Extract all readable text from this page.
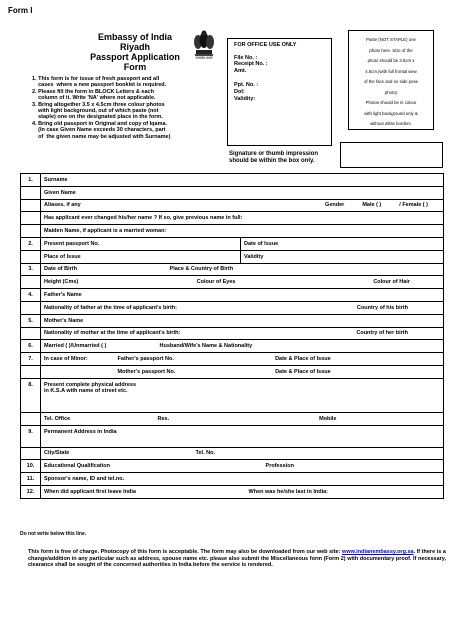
Form I
Embassy of India
Riyadh
Passport Application Form
सत्यमेव जयते
1. This form is for issue of fresh passport and all
cases  where a new passport booklet is required.
2. Please fill the form in BLOCK Letters & each
column of it. Write 'NA' where not applicable.
3. Bring altogether 3.5 x 4.5cm three colour photos
with light background, out of which paste (not
staple) one on the designated place in the form.
4. Bring old passport in Original and copy of Iqama.
(In case Given Name exceeds 30 characters, part
of  the given name may be adjusted with Surname)
FOR OFFICE USE ONLY
File No. :
Receipt No. :
Amt.
Ppt. No. :
DoI:
Validity:
Paste (NOT STAPLE) one
photo here. Size of the
photo should be 3.5cm x
4.5cm.(with full frontal view
of the face and no side pose
photo)
Photos should be in colour
with light background only &
without white borders.
Signature or thumb impression
should be within the box only.
1.	Surname	
	Given Name	

	Aliases, if any Gender Male ( ) / Female ( )	

	Has applicant ever changed his/her name ? If so, give previous name in full:	
	Maiden Name, if applicant is a married woman:	
2.	Present passport No.	Date of Issue
	Place of Issue	Validity
3.	Date of Birth Place & Country of Birth	

	Height (Cms) Colour of Eyes Colour of Hair	

4.	Father's Name	

	Nationality of father at the time of applicant's birth: Country of his birth	

5.	Mother's Name	

	Nationality of mother at the time of applicant's birth: Country of her birth	

6.	Married ( )/Unmarried ( ) Husband/Wife's Name & Nationality	
7.	In case of Minor: Father's passport No. Date & Place of Issue	
	Mother's passport No. Date & Place of Issue	
8.	Present complete physical address
in K.S.A with name of street etc.	

	Tel. Office Res. Mobile	
9.	Permanent Address in India	
	City/State Tel. No.	
10.	Educational Qualification Profession	
11.	Sponsor's name, ID and tel.no.	
12.	When did applicant first leave India When was he/she last in India:	
Do not write below this line.
This form is free of charge. Photocopy of this form is acceptable. The form may also be downloaded from our web site: www.indianembassy.org.sa. If there is a change/addition in any particular such as address, spouse name etc. please also submit the Miscellaneous form (Form 2) with documentary proof. If necessary, clearance shall be sought of the concerned authorities in India before the service is rendered.
